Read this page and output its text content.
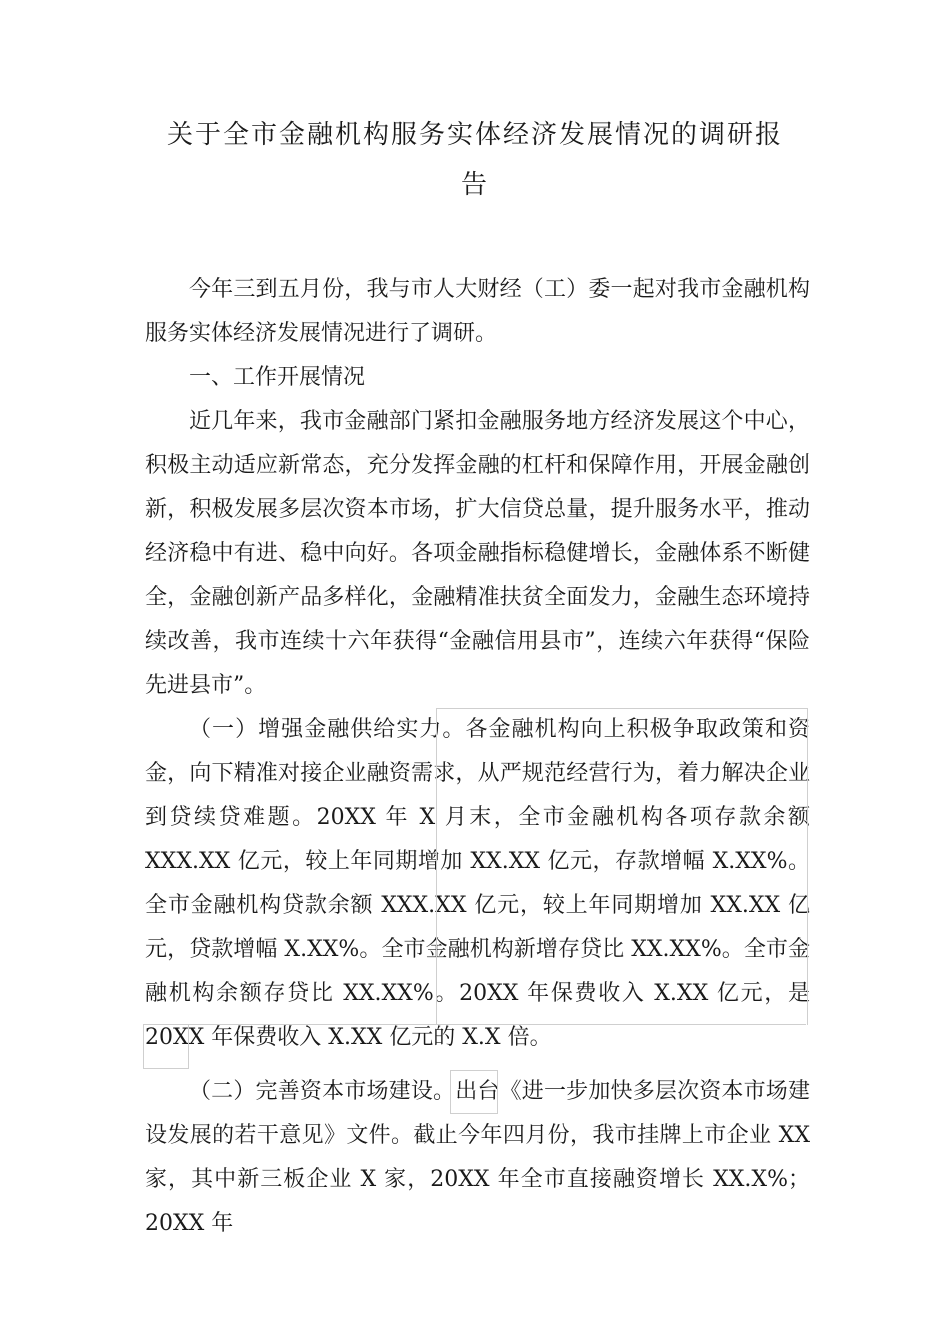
关于全市金融机构服务实体经济发展情况的调研报
告

今年三到五月份，我与市人大财经（工）委一起对我市金融机构服务实体经济发展情况进行了调研。

一、工作开展情况

近几年来，我市金融部门紧扣金融服务地方经济发展这个中心，积极主动适应新常态，充分发挥金融的杠杆和保障作用，开展金融创新，积极发展多层次资本市场，扩大信贷总量，提升服务水平，推动经济稳中有进、稳中向好。各项金融指标稳健增长，金融体系不断健全，金融创新产品多样化，金融精准扶贫全面发力，金融生态环境持续改善，我市连续十六年获得“金融信用县市”，连续六年获得“保险先进县市”。

（一）增强金融供给实力。各金融机构向上积极争取政策和资金，向下精准对接企业融资需求，从严规范经营行为，着力解决企业到贷续贷难题。20XX 年 X 月末，全市金融机构各项存款余额 XXX.XX 亿元，较上年同期增加 XX.XX 亿元，存款增幅 X.XX%。全市金融机构贷款余额 XXX.XX 亿元，较上年同期增加 XX.XX 亿元，贷款增幅 X.XX%。全市金融机构新增存贷比 XX.XX%。全市金融机构余额存贷比 XX.XX%。20XX 年保费收入 X.XX 亿元，是 20XX 年保费收入 X.XX 亿元的 X.X 倍。

（二）完善资本市场建设。出台《进一步加快多层次资本市场建设发展的若干意见》文件。截止今年四月份，我市挂牌上市企业 XX 家，其中新三板企业 X 家，20XX 年全市直接融资增长 XX.X%；20XX 年
